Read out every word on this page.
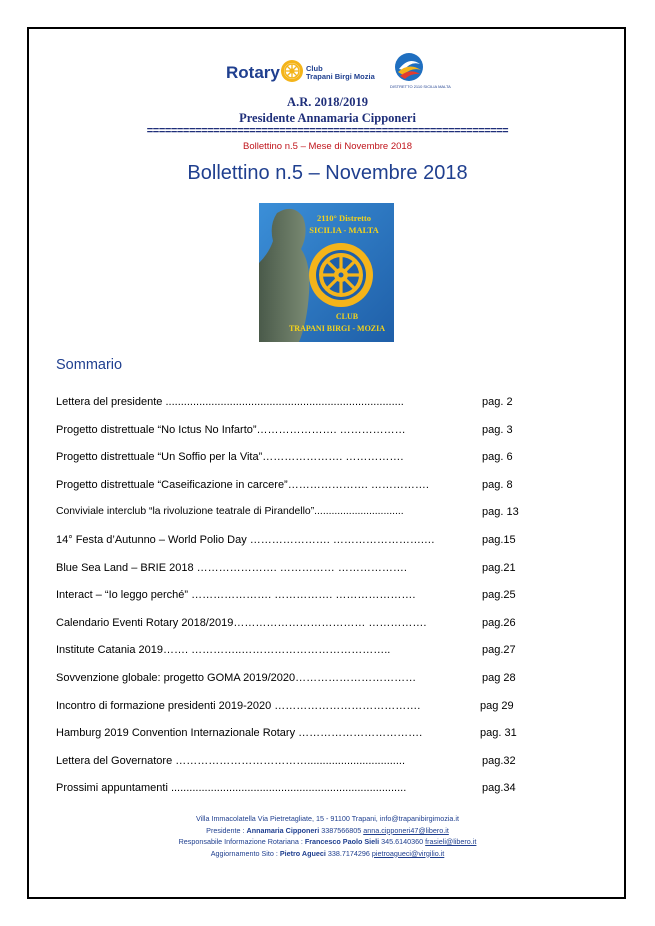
Rotary	Club
Trapani Birgi Mozia
DISTRETTO 2110 SICILIA MALTA
A.R. 2018/2019
Presidente Annamaria Cipponeri
============================================================
Bollettino n.5 – Mese di Novembre 2018
Bollettino n.5 – Novembre 2018
2110° Distretto
SICILIA - MALTA
CLUB
TRAPANI BIRGI - MOZIA
Sommario
Lettera del presidente ..............................................................................	pag. 2
Progetto distrettuale “No Ictus No Infarto”…………………. ………………	pag. 3
Progetto distrettuale “Un Soffio per la Vita”…………………. …………….	pag. 6
Progetto distrettuale “Caseificazione in carcere”…………………. …………….	pag. 8
Conviviale interclub “la rivoluzione teatrale di Pirandello”...............................	pag. 13
14° Festa d’Autunno – World Polio Day …………………. …………………….…	pag.15
Blue Sea Land – BRIE 2018 …………………. …………… ……………….	pag.21
Interact – “Io leggo perché” …………………. ……………. ………………….	pag.25
Calendario Eventi Rotary 2018/2019……………………………… …………….	pag.26
Institute Catania 2019……. …………..…………………………………..	pag.27
Sovvenzione globale: progetto GOMA 2019/2020……………………………	pag 28
Incontro di formazione presidenti 2019-2020 ………………………………….	pag 29
Hamburg 2019 Convention Internazionale Rotary …………………………….	pag. 31
Lettera del Governatore ………………………………................................	pag.32
Prossimi appuntamenti .............................................................................	pag.34
Villa Immacolatella Via Pietretagliate, 15 - 91100 Trapani, info@trapanibirgimozia.it
Presidente : Annamaria Cipponeri 3387566805 anna.cipponeri47@libero.it
Responsabile Informazione Rotariana : Francesco Paolo Sieli 345.6140360 frasieli@libero.it
Aggiornamento Sito : Pietro Agueci 338.7174296 pietroagueci@virgilio.it
